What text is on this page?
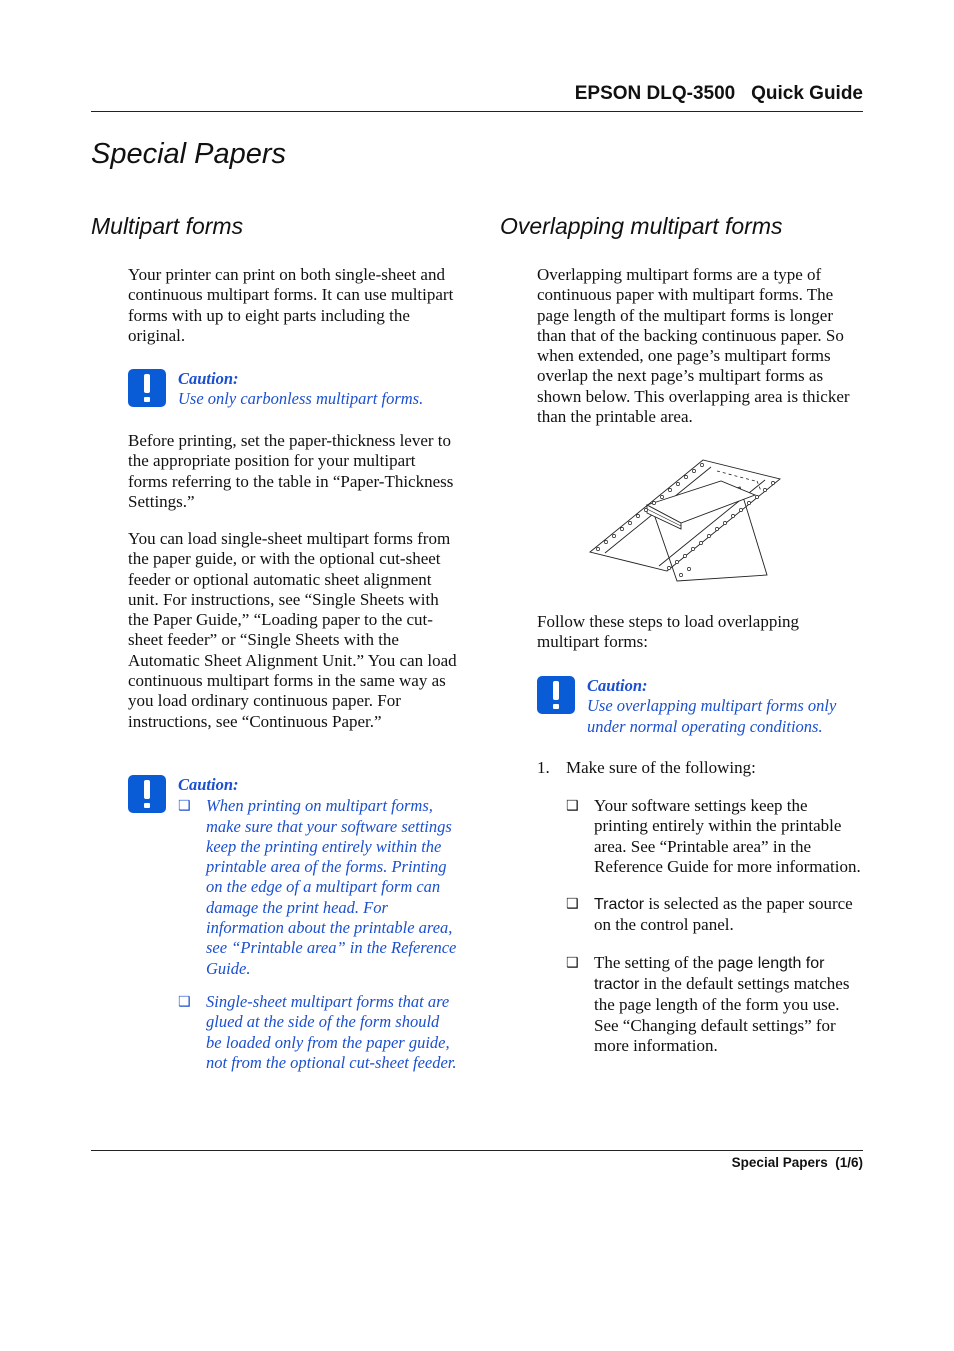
EPSON DLQ-3500   Quick Guide
Special Papers
Multipart forms

Your printer can print on both single-sheet and continuous multipart forms. It can use multipart forms with up to eight parts including the original.

Caution:
Use only carbonless multipart forms.

Before printing, set the paper-thickness lever to the appropriate position for your multipart forms referring to the table in “Paper-Thickness Settings.”

You can load single-sheet multipart forms from the paper guide, or with the optional cut-sheet feeder or optional automatic sheet alignment unit. For instructions, see “Single Sheets with the Paper Guide,” “Loading paper to the cut-sheet feeder” or “Single Sheets with the Automatic Sheet Alignment Unit.” You can load continuous multipart forms in the same way as you load ordinary continuous paper. For instructions, see “Continuous Paper.”

Caution:
❑ When printing on multipart forms, make sure that your software settings keep the printing entirely within the printable area of the forms. Printing on the edge of a multipart form can damage the print head. For information about the printable area, see “Printable area” in the Reference Guide.
❑ Single-sheet multipart forms that are glued at the side of the form should be loaded only from the paper guide, not from the optional cut-sheet feeder.
Overlapping multipart forms

Overlapping multipart forms are a type of continuous paper with multipart forms. The page length of the multipart forms is longer than that of the backing continuous paper. So when extended, one page’s multipart forms overlap the next page’s multipart forms as shown below. This overlapping area is thicker than the printable area.

Follow these steps to load overlapping multipart forms:

Caution:
Use overlapping multipart forms only under normal operating conditions.
1. Make sure of the following:
❑ Your software settings keep the printing entirely within the printable area. See “Printable area” in the Reference Guide for more information.
❑ Tractor is selected as the paper source on the control panel.
❑ The setting of the page length for tractor in the default settings matches the page length of the form you use. See “Changing default settings” for more information.
Special Papers  (1/6)
